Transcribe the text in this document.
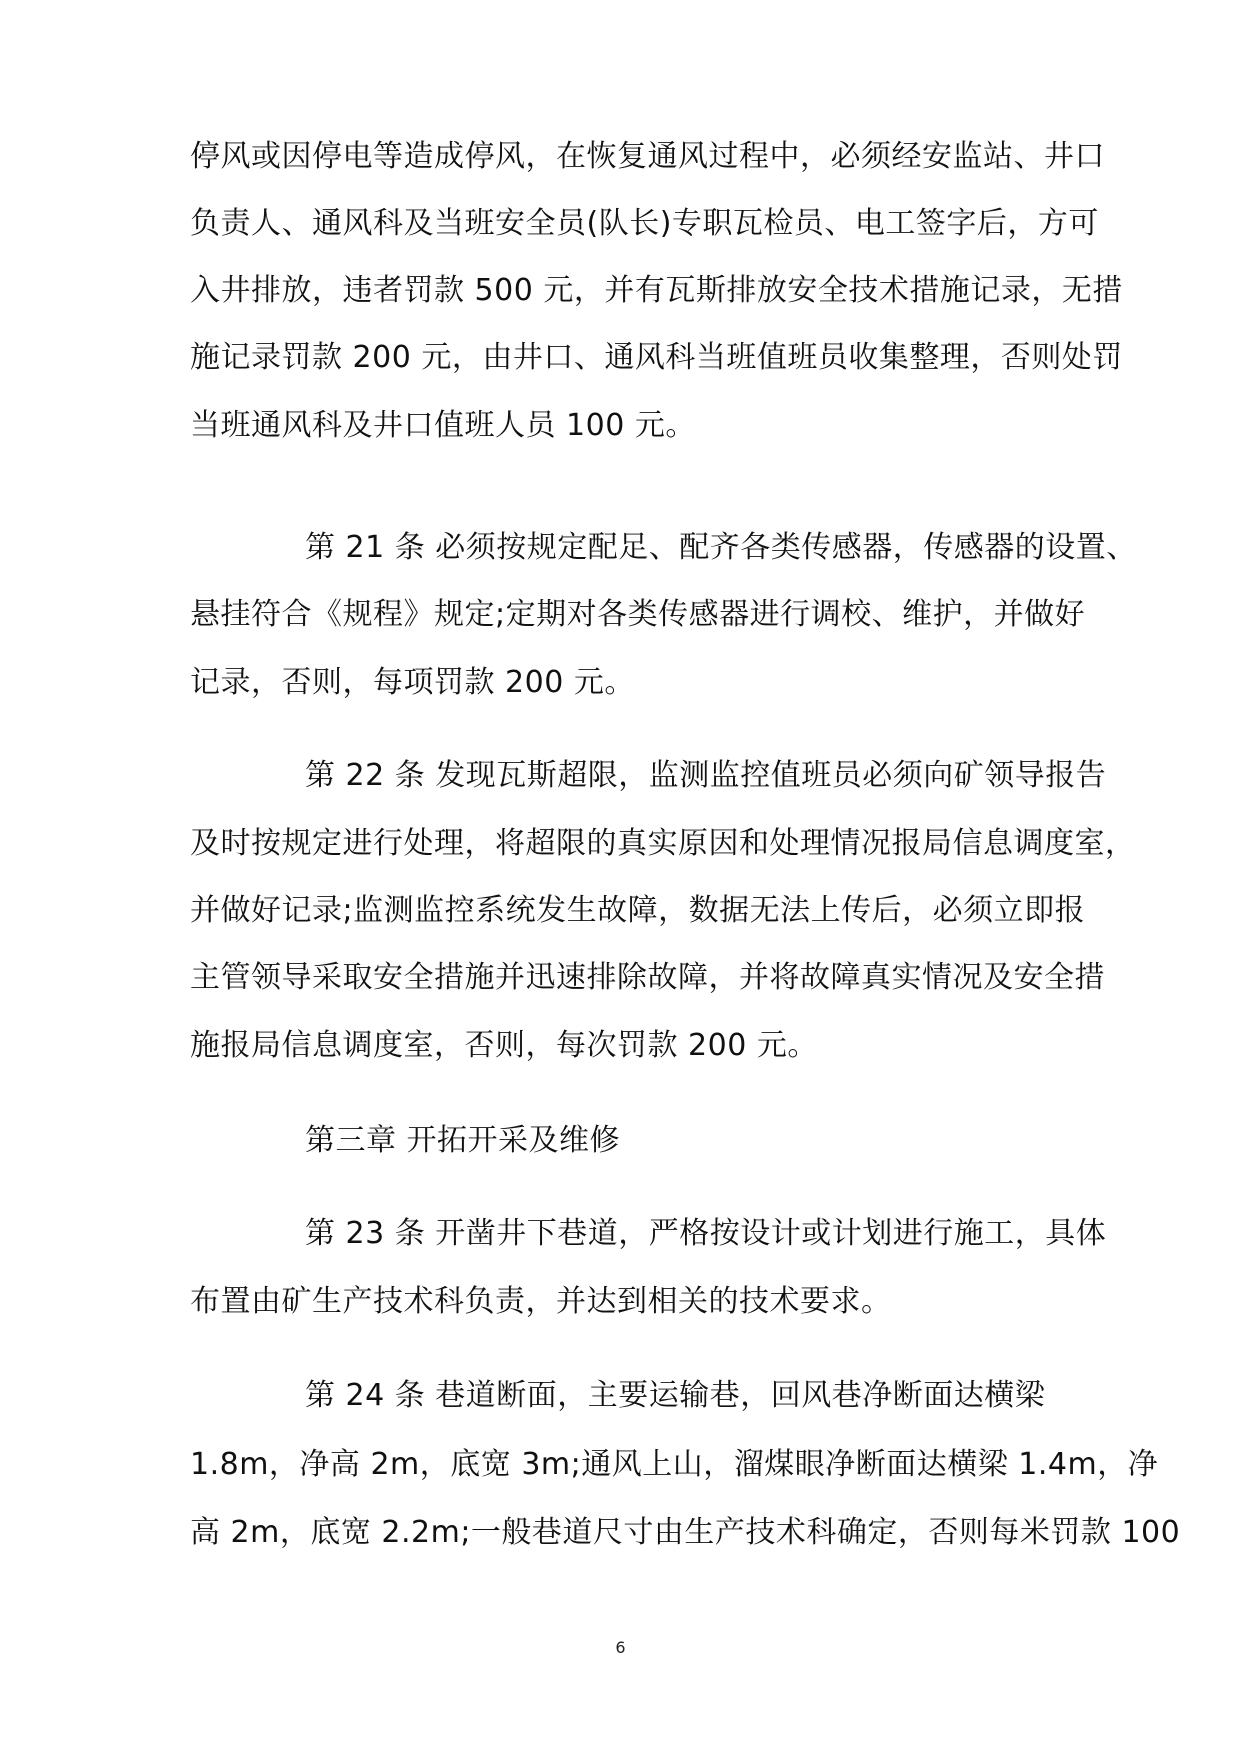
停风或因停电等造成停风，在恢复通风过程中，必须经安监站、井口
负责人、通风科及当班安全员(队长)专职瓦检员、电工签字后，方可
入井排放，违者罚款 500 元，并有瓦斯排放安全技术措施记录，无措
施记录罚款 200 元，由井口、通风科当班值班员收集整理，否则处罚
当班通风科及井口值班人员 100 元。
第 21 条 必须按规定配足、配齐各类传感器，传感器的设置、
悬挂符合《规程》规定;定期对各类传感器进行调校、维护，并做好
记录，否则，每项罚款 200 元。
第 22 条 发现瓦斯超限，监测监控值班员必须向矿领导报告
及时按规定进行处理，将超限的真实原因和处理情况报局信息调度室，
并做好记录;监测监控系统发生故障，数据无法上传后，必须立即报
主管领导采取安全措施并迅速排除故障，并将故障真实情况及安全措
施报局信息调度室，否则，每次罚款 200 元。
第三章 开拓开采及维修
第 23 条 开凿井下巷道，严格按设计或计划进行施工，具体
布置由矿生产技术科负责，并达到相关的技术要求。
第 24 条 巷道断面，主要运输巷，回风巷净断面达横梁
1.8m，净高 2m，底宽 3m;通风上山，溜煤眼净断面达横梁 1.4m，净
高 2m，底宽 2.2m;一般巷道尺寸由生产技术科确定，否则每米罚款 100
6
